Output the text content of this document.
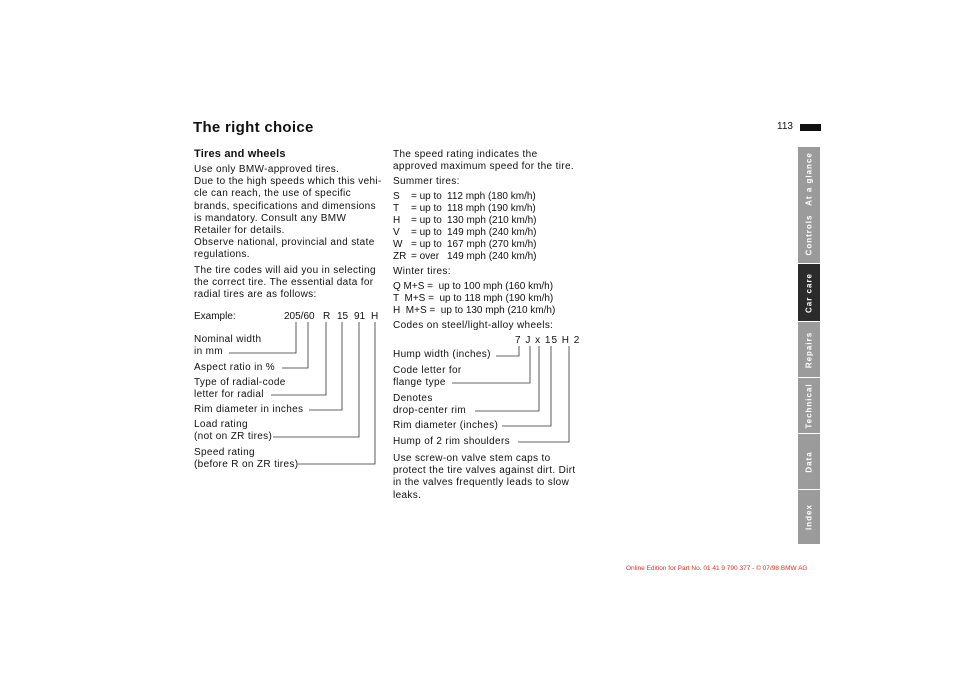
The right choice	113
Tires and wheels
Use only BMW-approved tires.
Due to the high speeds which this vehi-
cle can reach, the use of specific
brands, specifications and dimensions
is mandatory. Consult any BMW
Retailer for details.
Observe national, provincial and state
regulations.
The tire codes will aid you in selecting
the correct tire. The essential data for
radial tires are as follows:
Example:	205/60 R 15 91 H
Nominal width
in mm
Aspect ratio in %
Type of radial-code
letter for radial
Rim diameter in inches
Load rating
(not on ZR tires)
Speed rating
(before R on ZR tires)
The speed rating indicates the
approved maximum speed for the tire.
Summer tires:
S = up to 112 mph (180 km/h)
T = up to 118 mph (190 km/h)
H = up to 130 mph (210 km/h)
V = up to 149 mph (240 km/h)
W = up to 167 mph (270 km/h)
ZR = over 149 mph (240 km/h)
Winter tires:
Q M+S =  up to 100 mph (160 km/h)
T  M+S =  up to 118 mph (190 km/h)
H  M+S =  up to 130 mph (210 km/h)
Codes on steel/light-alloy wheels:
7 J x 15 H 2
Hump width (inches)
Code letter for
flange type
Denotes
drop-center rim
Rim diameter (inches)
Hump of 2 rim shoulders
Use screw-on valve stem caps to
protect the tire valves against dirt. Dirt
in the valves frequently leads to slow
leaks.
At a glance
Controls
Car care
Repairs
Technical
Data
Index
Online Edition for Part No. 01 41 9 790 377 - © 07/98 BMW AG
